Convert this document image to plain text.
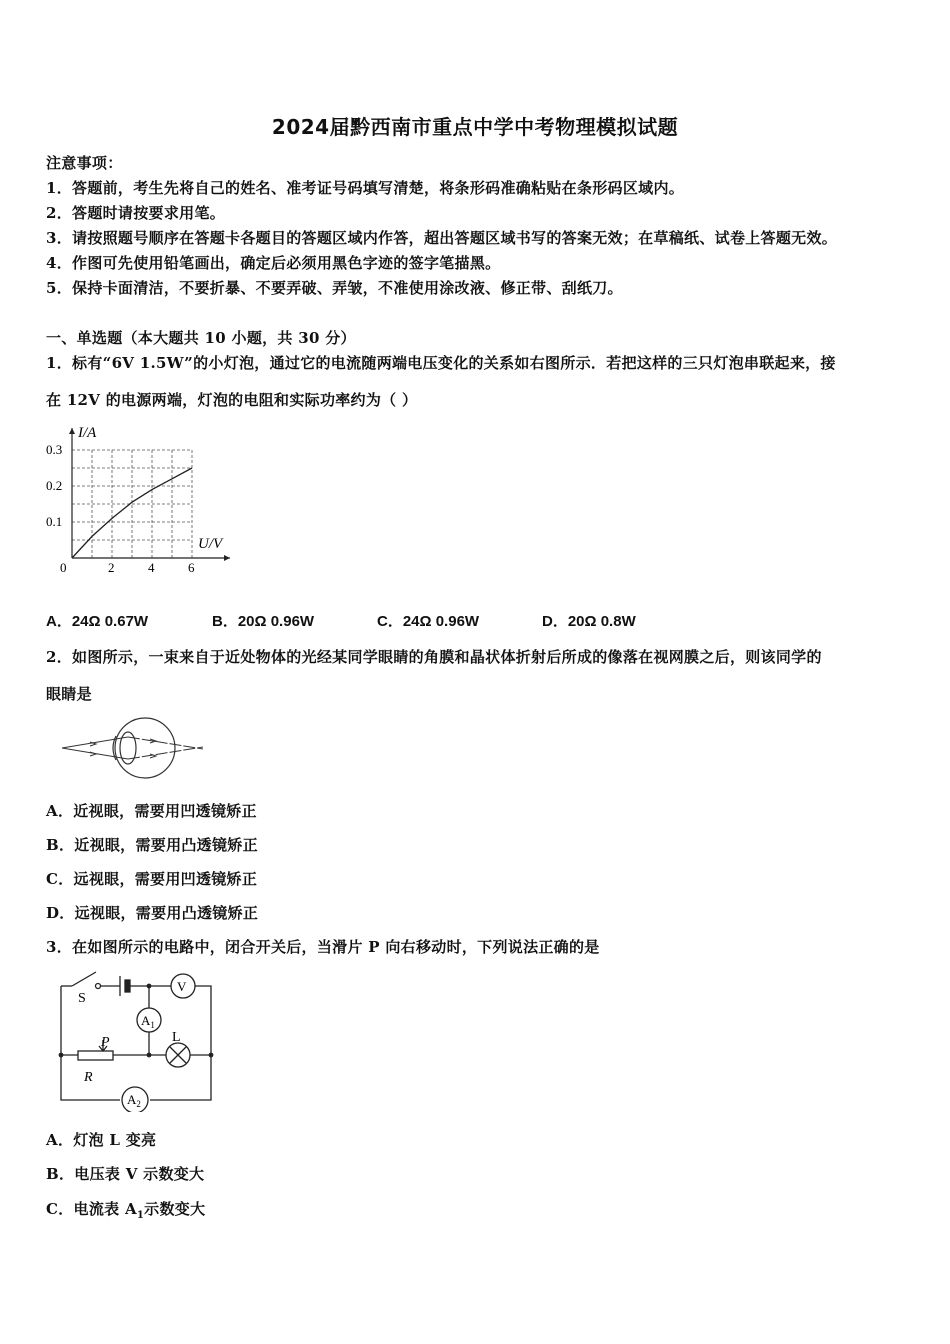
2024届黔西南市重点中学中考物理模拟试题
注意事项：
1．答题前，考生先将自己的姓名、准考证号码填写清楚，将条形码准确粘贴在条形码区域内。
2．答题时请按要求用笔。
3．请按照题号顺序在答题卡各题目的答题区域内作答，超出答题区域书写的答案无效；在草稿纸、试卷上答题无效。
4．作图可先使用铅笔画出，确定后必须用黑色字迹的签字笔描黑。
5．保持卡面清洁，不要折暴、不要弄破、弄皱，不准使用涂改液、修正带、刮纸刀。
一、单选题（本大题共 10 小题，共 30 分）
1．标有“6V 1.5W”的小灯泡，通过它的电流随两端电压变化的关系如右图所示．若把这样的三只灯泡串联起来，接
在 12V 的电源两端，灯泡的电阻和实际功率约为（ ）
I/A
U/V
0	2	4	6
0.1
0.2
0.3
A．24Ω 0.67W	B．20Ω 0.96W	C．24Ω 0.96W	D．20Ω 0.8W
2．如图所示，一束来自于近处物体的光经某同学眼睛的角膜和晶状体折射后所成的像落在视网膜之后，则该同学的
眼睛是
A．近视眼，需要用凹透镜矫正
B．近视眼，需要用凸透镜矫正
C．远视眼，需要用凹透镜矫正
D．远视眼，需要用凸透镜矫正
3．在如图所示的电路中，闭合开关后，当滑片 P 向右移动时，下列说法正确的是
S
V
$A_1$
L
P
R
$A_2$
A．灯泡 L 变亮
B．电压表 V 示数变大
C．电流表 $A_1$示数变大
